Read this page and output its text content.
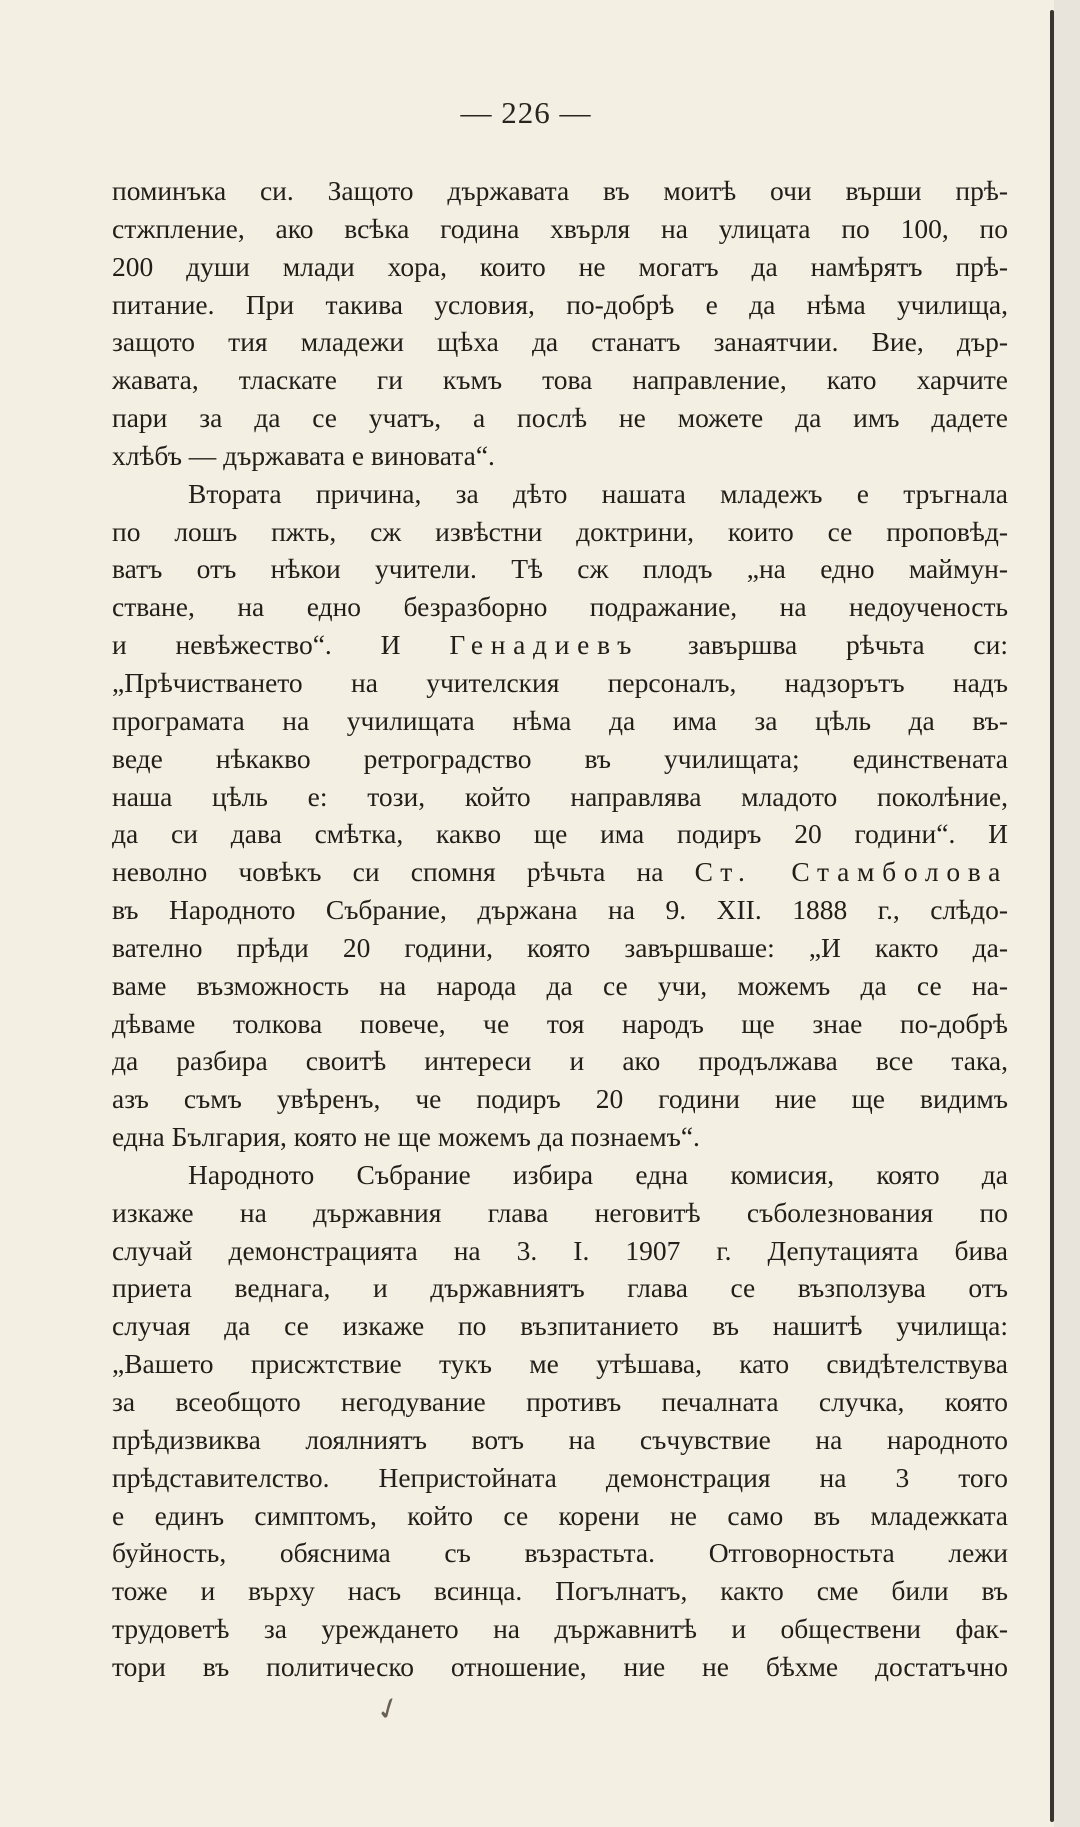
— 226 —
поминъка си. Защото държавата въ моитѣ очи върши прѣ-
стжпление, ако всѣка година хвърля на улицата по 100, по
200 души млади хора, които не могатъ да намѣрятъ прѣ-
питание. При такива условия, по-добрѣ е да нѣма училища,
защото тия младежи щѣха да станатъ занаятчии. Вие, дър-
жавата, тласкате ги къмъ това направление, като харчите
пари за да се учатъ, а послѣ не можете да имъ дадете
хлѣбъ — държавата е виновата“.
Втората причина, за дѣто нашата младежъ е тръгнала
по лошъ пжть, сж извѣстни доктрини, които се проповѣд-
ватъ отъ нѣкои учители. Тѣ сж плодъ „на едно маймун-
стване, на едно безразборно подражание, на недоученость
и невѣжество“. И Генадиевъ завършва рѣчьта си:
„Прѣчистването на учителския персоналъ, надзорътъ надъ
програмата на училищата нѣма да има за цѣль да въ-
веде нѣкакво ретроградство въ училищата; единствената
наша цѣль е: този, който направлява младото поколѣние,
да си дава смѣтка, какво ще има подиръ 20 години“. И
неволно човѣкъ си спомня рѣчьта на Ст. Стамболова
въ Народното Събрание, държана на 9. XII. 1888 г., слѣдо-
вателно прѣди 20 години, която завършваше: „И както да-
ваме възможность на народа да се учи, можемъ да се на-
дѣваме толкова повече, че тоя народъ ще знае по-добрѣ
да разбира своитѣ интереси и ако продължава все така,
азъ съмъ увѣренъ, че подиръ 20 години ние ще видимъ
една България, която не ще можемъ да познаемъ“.
Народното Събрание избира една комисия, която да
изкаже на държавния глава неговитѣ съболезнования по
случай демонстрацията на 3. I. 1907 г. Депутацията бива
приета веднага, и държавниятъ глава се възползува отъ
случая да се изкаже по възпитанието въ нашитѣ училища:
„Вашето присжтствие тукъ ме утѣшава, като свидѣтелствува
за всеобщото негодувание противъ печалната случка, която
прѣдизвиква лоялниятъ вотъ на съчувствие на народното
прѣдставителство. Непристойната демонстрация на 3 того
е единъ симптомъ, който се корени не само въ младежката
буйность, обяснима съ възрастьта. Отговорностьта лежи
тоже и върху насъ всинца. Погълнатъ, както сме били въ
трудоветѣ за уреждането на държавнитѣ и обществени фак-
тори въ политическо отношение, ние не бѣхме достатъчно
✓
